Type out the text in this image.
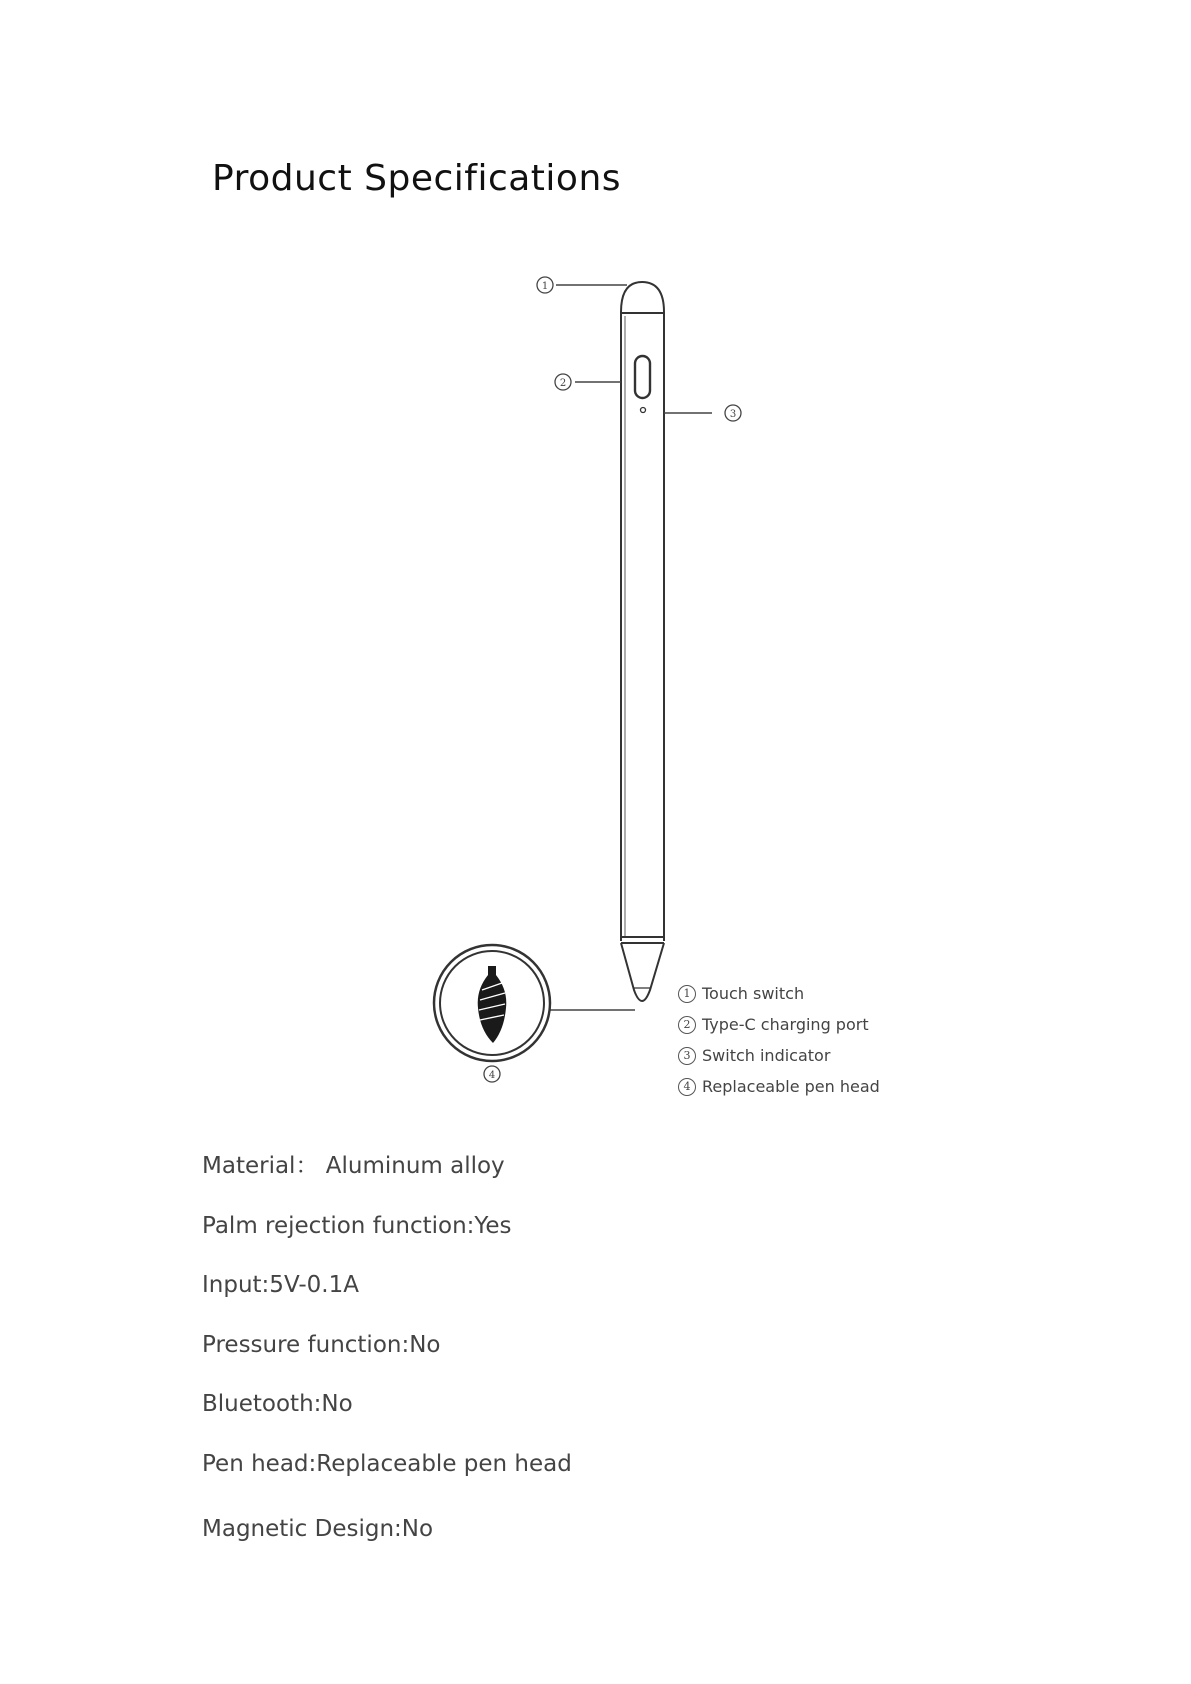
Product Specifications
1
2
3
4
1 Touch switch
2 Type-C charging port
3 Switch indicator
4 Replaceable pen head
Material： Aluminum alloy
Palm rejection function:Yes
Input:5V-0.1A
Pressure function:No
Bluetooth:No
Pen head:Replaceable pen head
Magnetic Design:No
